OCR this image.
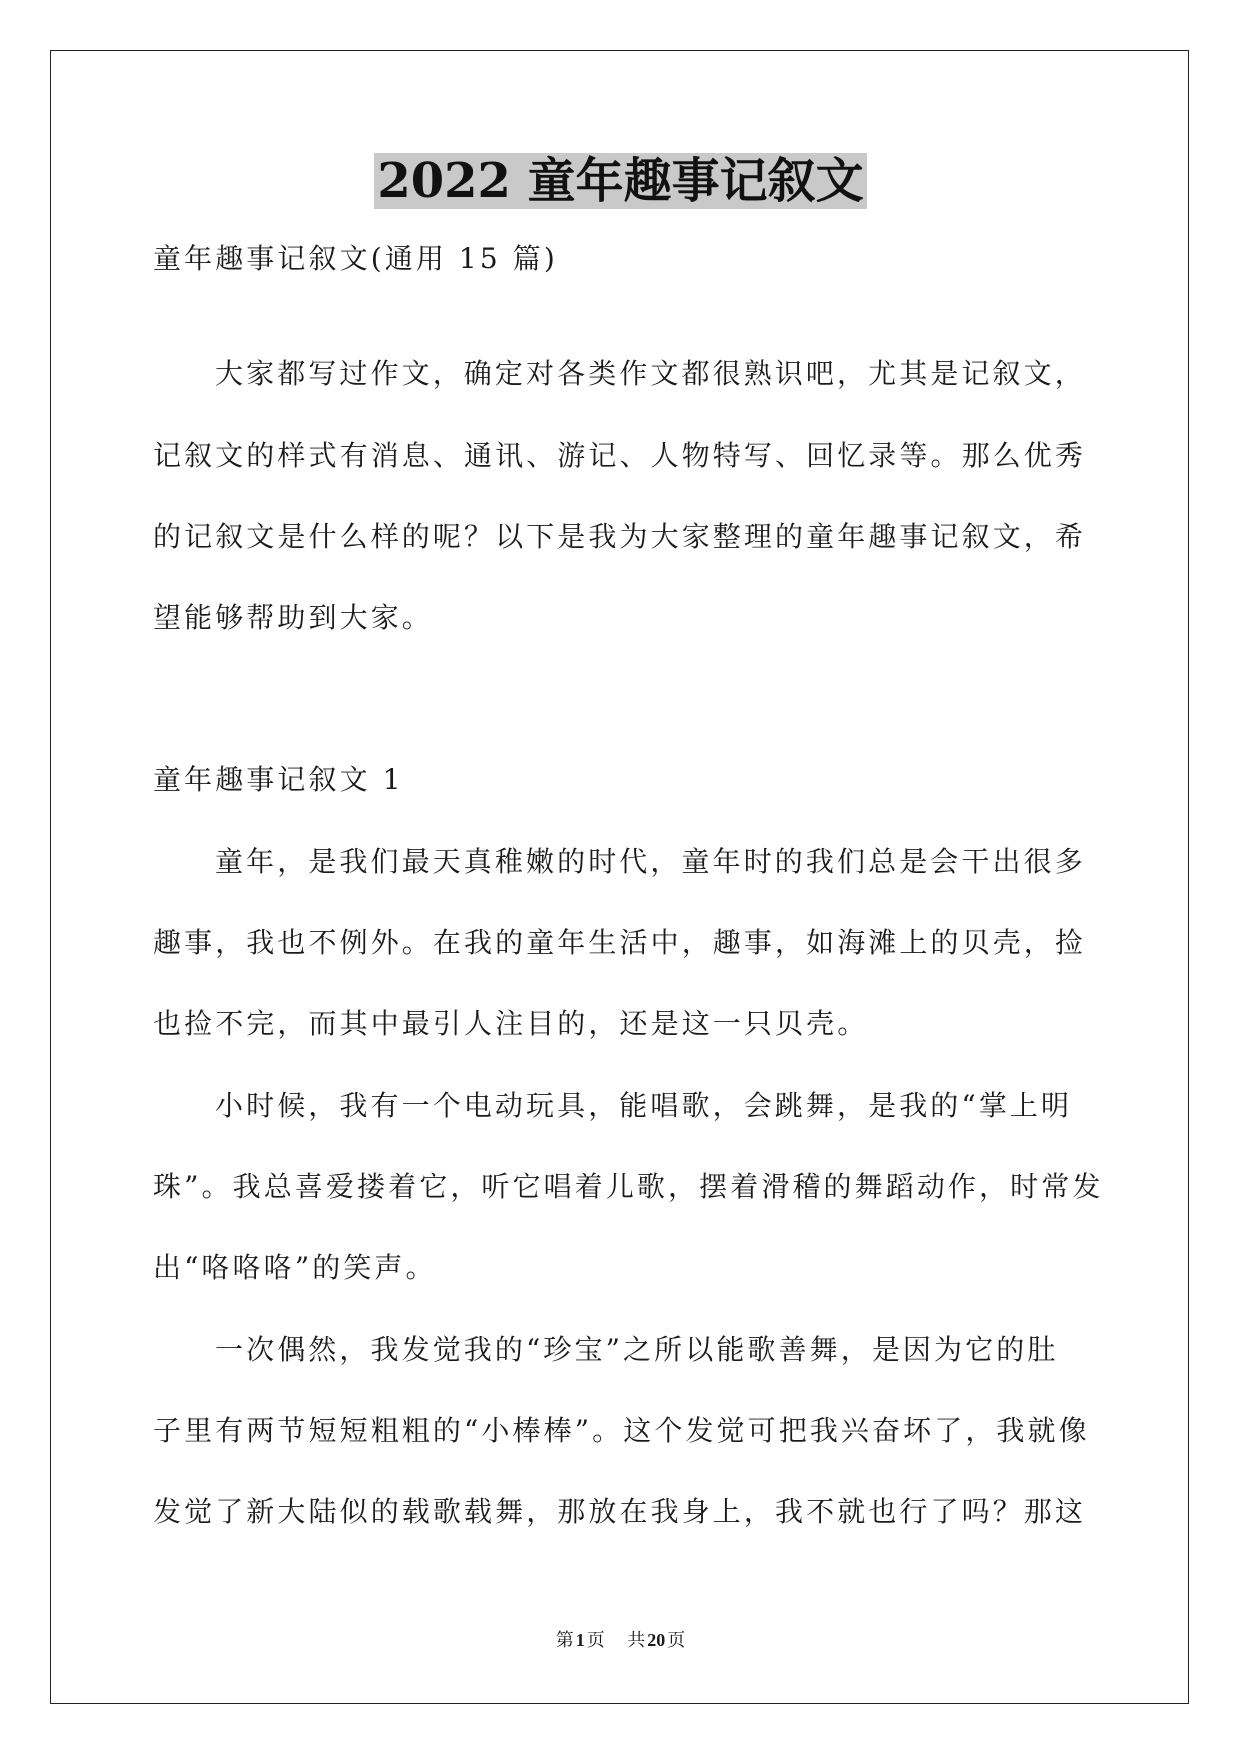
2022 童年趣事记叙文
童年趣事记叙文(通用 15 篇)
大家都写过作文，确定对各类作文都很熟识吧，尤其是记叙文，
记叙文的样式有消息、通讯、游记、人物特写、回忆录等。那么优秀
的记叙文是什么样的呢？以下是我为大家整理的童年趣事记叙文，希
望能够帮助到大家。
童年趣事记叙文 1
童年，是我们最天真稚嫩的时代，童年时的我们总是会干出很多
趣事，我也不例外。在我的童年生活中，趣事，如海滩上的贝壳，捡
也捡不完，而其中最引人注目的，还是这一只贝壳。
小时候，我有一个电动玩具，能唱歌，会跳舞，是我的“掌上明
珠”。我总喜爱搂着它，听它唱着儿歌，摆着滑稽的舞蹈动作，时常发
出“咯咯咯”的笑声。
一次偶然，我发觉我的“珍宝”之所以能歌善舞，是因为它的肚
子里有两节短短粗粗的“小棒棒”。这个发觉可把我兴奋坏了，我就像
发觉了新大陆似的载歌载舞，那放在我身上，我不就也行了吗？那这
第 1 页 共 20 页
